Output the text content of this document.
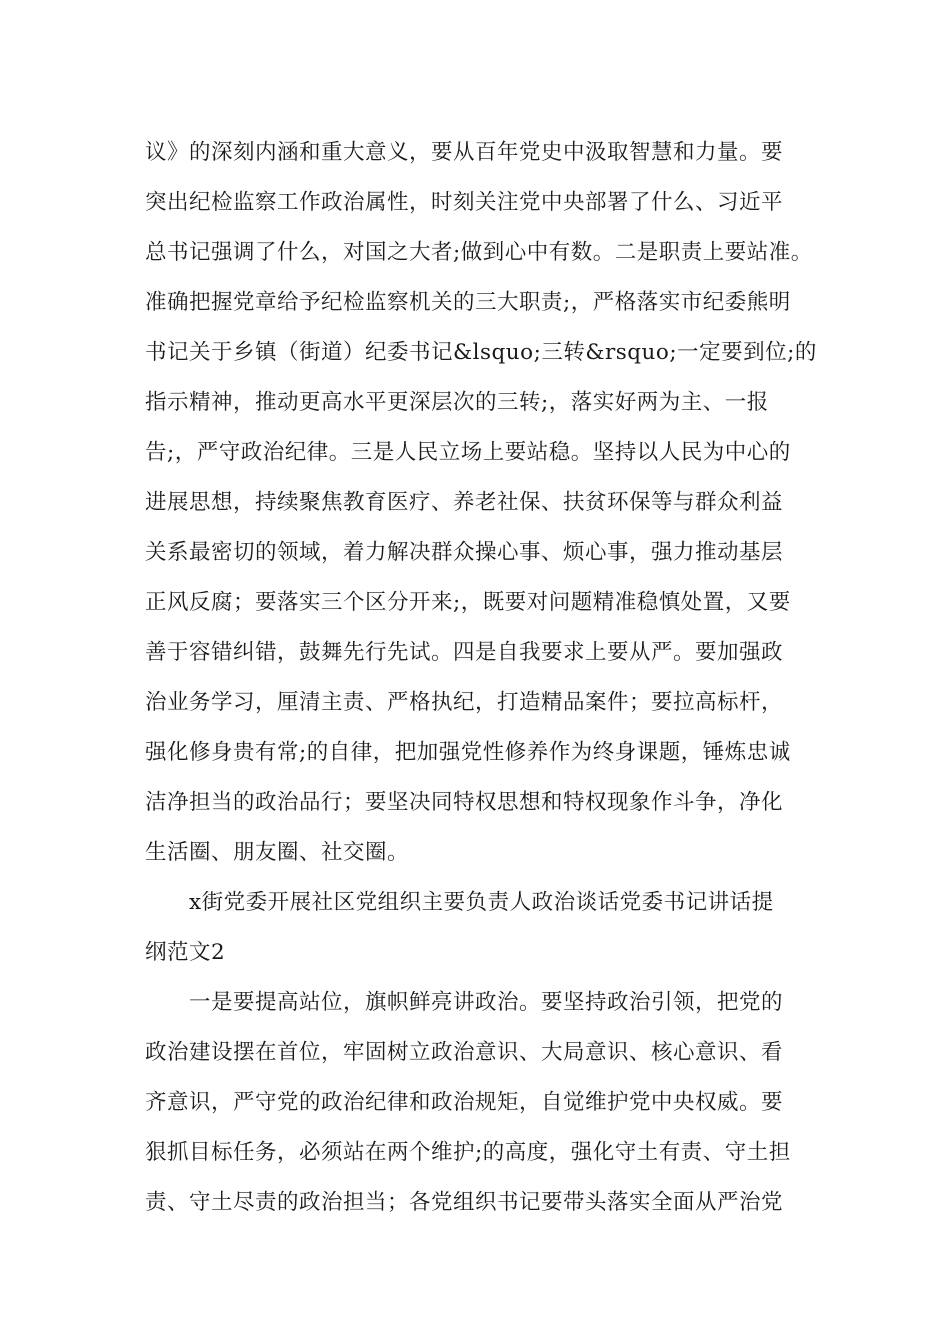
议》的深刻内涵和重大意义，要从百年党史中汲取智慧和力量。要
突出纪检监察工作政治属性，时刻关注党中央部署了什么、习近平
总书记强调了什么，对国之大者;做到心中有数。二是职责上要站准。
准确把握党章给予纪检监察机关的三大职责;，严格落实市纪委熊明
书记关于乡镇（街道）纪委书记&lsquo;三转&rsquo;一定要到位;的
指示精神，推动更高水平更深层次的三转;，落实好两为主、一报
告;，严守政治纪律。三是人民立场上要站稳。坚持以人民为中心的
进展思想，持续聚焦教育医疗、养老社保、扶贫环保等与群众利益
关系最密切的领域，着力解决群众操心事、烦心事，强力推动基层
正风反腐；要落实三个区分开来;，既要对问题精准稳慎处置，又要
善于容错纠错，鼓舞先行先试。四是自我要求上要从严。要加强政
治业务学习，厘清主责、严格执纪，打造精品案件；要拉高标杆，
强化修身贵有常;的自律，把加强党性修养作为终身课题，锤炼忠诚
洁净担当的政治品行；要坚决同特权思想和特权现象作斗争，净化
生活圈、朋友圈、社交圈。
x街党委开展社区党组织主要负责人政治谈话党委书记讲话提
纲范文2
一是要提高站位，旗帜鲜亮讲政治。要坚持政治引领，把党的
政治建设摆在首位，牢固树立政治意识、大局意识、核心意识、看
齐意识，严守党的政治纪律和政治规矩，自觉维护党中央权威。要
狠抓目标任务，必须站在两个维护;的高度，强化守土有责、守土担
责、守土尽责的政治担当；各党组织书记要带头落实全面从严治党
